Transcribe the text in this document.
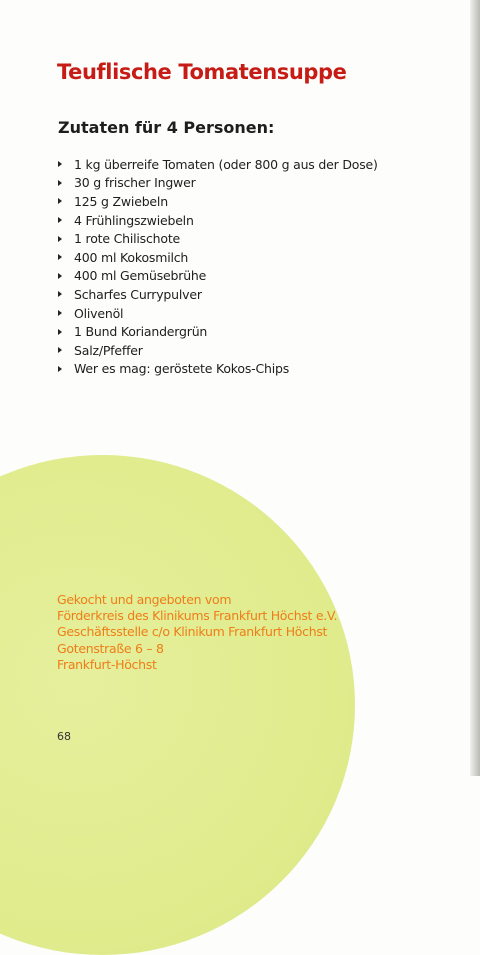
Teuflische Tomatensuppe
Zutaten für 4 Personen:
1 kg überreife Tomaten (oder 800 g aus der Dose)
30 g frischer Ingwer
125 g Zwiebeln
4 Frühlingszwiebeln
1 rote Chilischote
400 ml Kokosmilch
400 ml Gemüsebrühe
Scharfes Currypulver
Olivenöl
1 Bund Koriandergrün
Salz/Pfeffer
Wer es mag: geröstete Kokos-Chips
Gekocht und angeboten vom
Förderkreis des Klinikums Frankfurt Höchst e.V.
Geschäftsstelle c/o Klinikum Frankfurt Höchst
Gotenstraße 6 – 8
Frankfurt-Höchst
68
